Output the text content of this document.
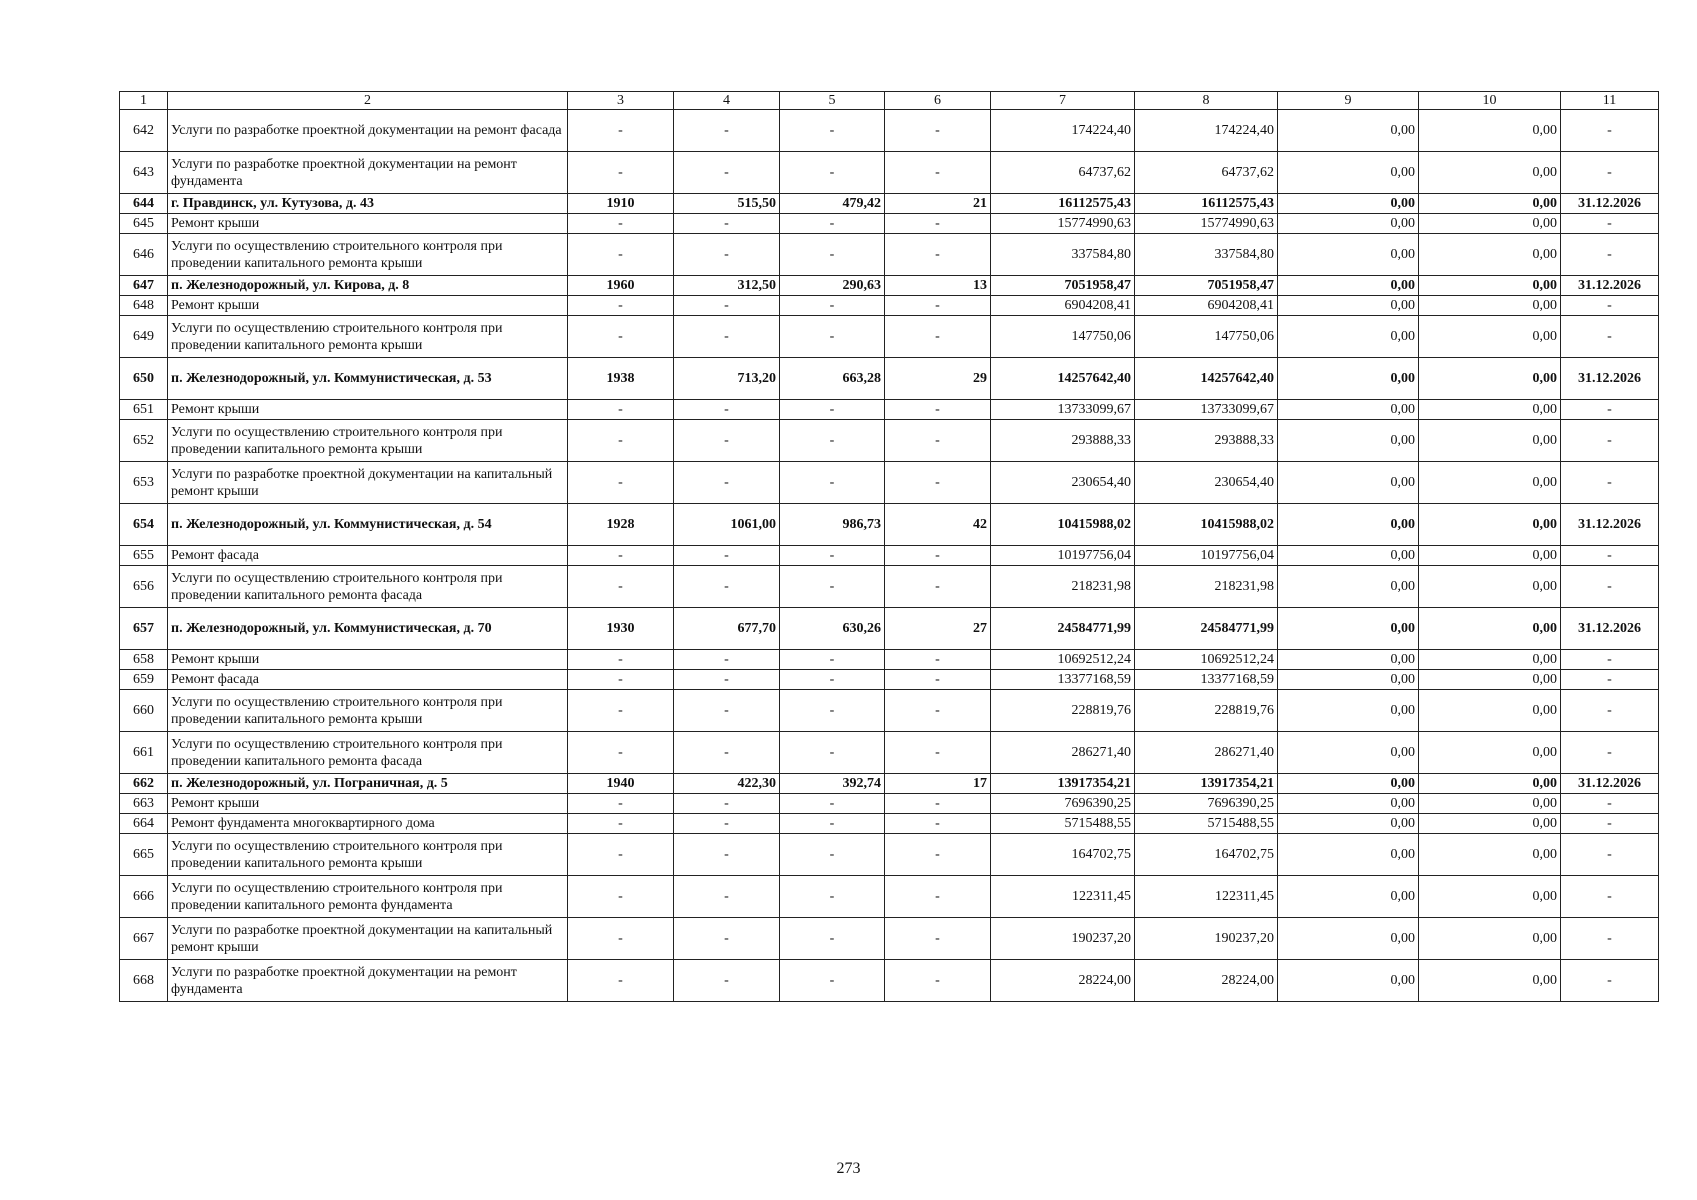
1	2	3	4	5	6	7	8	9	10	11
642	Услуги по разработке проектной документации на ремонт фасада	-	-	-	-	174224,40	174224,40	0,00	0,00	-
643	Услуги по разработке проектной документации на ремонт фундамента	-	-	-	-	64737,62	64737,62	0,00	0,00	-
644	г. Правдинск, ул. Кутузова, д. 43	1910	515,50	479,42	21	16112575,43	16112575,43	0,00	0,00	31.12.2026
645	Ремонт крыши	-	-	-	-	15774990,63	15774990,63	0,00	0,00	-
646	Услуги по осуществлению строительного контроля при проведении капитального ремонта крыши	-	-	-	-	337584,80	337584,80	0,00	0,00	-
647	п. Железнодорожный, ул. Кирова, д. 8	1960	312,50	290,63	13	7051958,47	7051958,47	0,00	0,00	31.12.2026
648	Ремонт крыши	-	-	-	-	6904208,41	6904208,41	0,00	0,00	-
649	Услуги по осуществлению строительного контроля при проведении капитального ремонта крыши	-	-	-	-	147750,06	147750,06	0,00	0,00	-
650	п. Железнодорожный, ул. Коммунистическая, д. 53	1938	713,20	663,28	29	14257642,40	14257642,40	0,00	0,00	31.12.2026
651	Ремонт крыши	-	-	-	-	13733099,67	13733099,67	0,00	0,00	-
652	Услуги по осуществлению строительного контроля при проведении капитального ремонта крыши	-	-	-	-	293888,33	293888,33	0,00	0,00	-
653	Услуги по разработке проектной документации на капитальный ремонт крыши	-	-	-	-	230654,40	230654,40	0,00	0,00	-
654	п. Железнодорожный, ул. Коммунистическая, д. 54	1928	1061,00	986,73	42	10415988,02	10415988,02	0,00	0,00	31.12.2026
655	Ремонт фасада	-	-	-	-	10197756,04	10197756,04	0,00	0,00	-
656	Услуги по осуществлению строительного контроля при проведении капитального ремонта фасада	-	-	-	-	218231,98	218231,98	0,00	0,00	-
657	п. Железнодорожный, ул. Коммунистическая, д. 70	1930	677,70	630,26	27	24584771,99	24584771,99	0,00	0,00	31.12.2026
658	Ремонт крыши	-	-	-	-	10692512,24	10692512,24	0,00	0,00	-
659	Ремонт фасада	-	-	-	-	13377168,59	13377168,59	0,00	0,00	-
660	Услуги по осуществлению строительного контроля при проведении капитального ремонта крыши	-	-	-	-	228819,76	228819,76	0,00	0,00	-
661	Услуги по осуществлению строительного контроля при проведении капитального ремонта фасада	-	-	-	-	286271,40	286271,40	0,00	0,00	-
662	п. Железнодорожный, ул. Пограничная, д. 5	1940	422,30	392,74	17	13917354,21	13917354,21	0,00	0,00	31.12.2026
663	Ремонт крыши	-	-	-	-	7696390,25	7696390,25	0,00	0,00	-
664	Ремонт фундамента многоквартирного дома	-	-	-	-	5715488,55	5715488,55	0,00	0,00	-
665	Услуги по осуществлению строительного контроля при проведении капитального ремонта крыши	-	-	-	-	164702,75	164702,75	0,00	0,00	-
666	Услуги по осуществлению строительного контроля при проведении капитального ремонта фундамента	-	-	-	-	122311,45	122311,45	0,00	0,00	-
667	Услуги по разработке проектной документации на капитальный ремонт крыши	-	-	-	-	190237,20	190237,20	0,00	0,00	-
668	Услуги по разработке проектной документации на ремонт фундамента	-	-	-	-	28224,00	28224,00	0,00	0,00	-
273
